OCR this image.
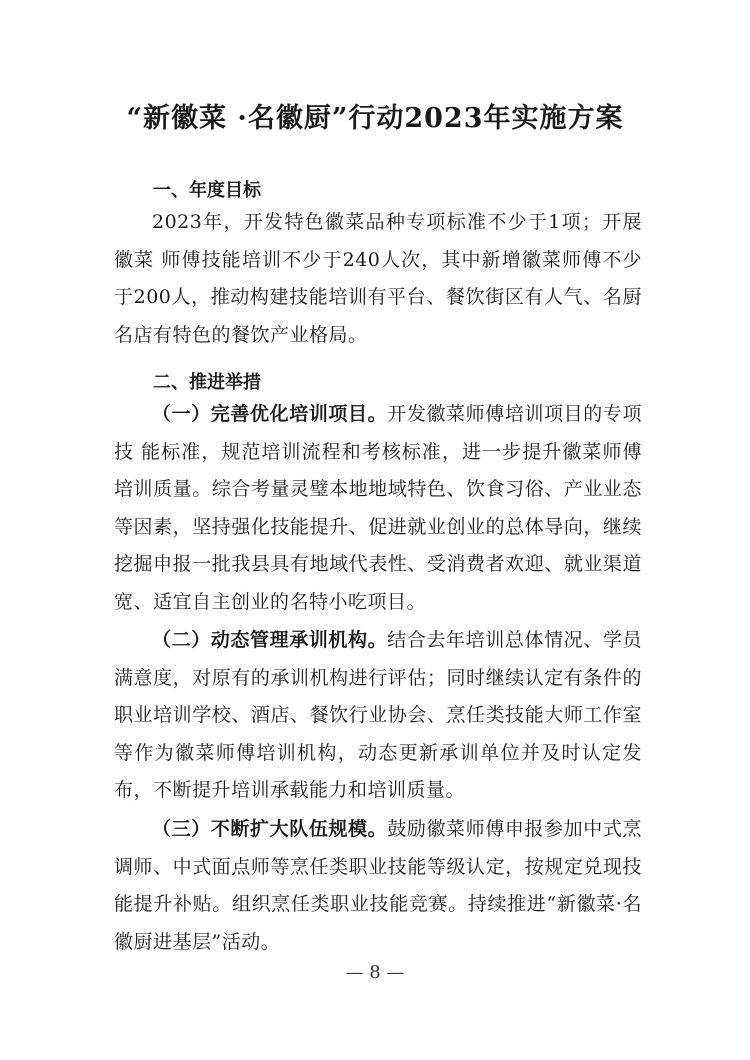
“新徽菜 ·名徽厨”行动2023年实施方案
一、年度目标

2023年，开发特色徽菜品种专项标准不少于1项；开展徽菜 师傅技能培训不少于240人次，其中新增徽菜师傅不少于200人，推动构建技能培训有平台、餐饮街区有人气、名厨名店有特色的餐饮产业格局。

二、推进举措

（一）完善优化培训项目。开发徽菜师傅培训项目的专项技 能标准，规范培训流程和考核标准，进一步提升徽菜师傅培训质量。综合考量灵璧本地地域特色、饮食习俗、产业业态等因素，坚持强化技能提升、促进就业创业的总体导向，继续挖掘申报一批我县具有地域代表性、受消费者欢迎、就业渠道宽、适宜自主创业的名特小吃项目。

（二）动态管理承训机构。结合去年培训总体情况、学员满意度，对原有的承训机构进行评估；同时继续认定有条件的职业培训学校、酒店、餐饮行业协会、烹任类技能大师工作室等作为徽菜师傅培训机构，动态更新承训单位并及时认定发布，不断提升培训承载能力和培训质量。

（三）不断扩大队伍规模。鼓励徽菜师傅申报参加中式烹调师、中式面点师等烹任类职业技能等级认定，按规定兑现技能提升补贴。组织烹任类职业技能竞赛。持续推进“新徽菜·名徽厨进基层”活动。

— 8 —
